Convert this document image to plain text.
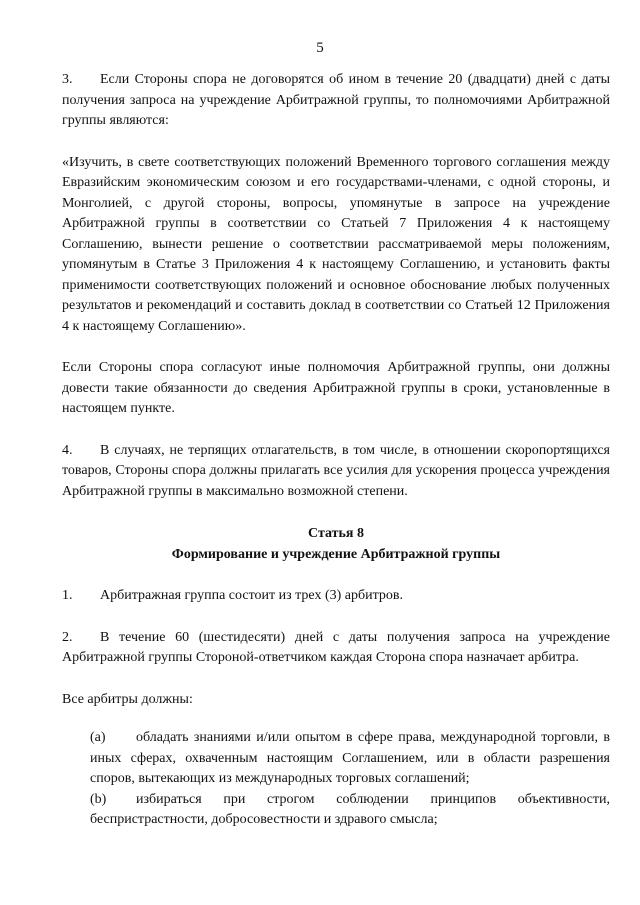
5

3. Если Стороны спора не договорятся об ином в течение 20 (двадцати) дней с даты получения запроса на учреждение Арбитражной группы, то полномочиями Арбитражной группы являются:

«Изучить, в свете соответствующих положений Временного торгового соглашения между Евразийским экономическим союзом и его государствами-членами, с одной стороны, и Монголией, с другой стороны, вопросы, упомянутые в запросе на учреждение Арбитражной группы в соответствии со Статьей 7 Приложения 4 к настоящему Соглашению, вынести решение о соответствии рассматриваемой меры положениям, упомянутым в Статье 3 Приложения 4 к настоящему Соглашению, и установить факты применимости соответствующих положений и основное обоснование любых полученных результатов и рекомендаций и составить доклад в соответствии со Статьей 12 Приложения 4 к настоящему Соглашению».

Если Стороны спора согласуют иные полномочия Арбитражной группы, они должны довести такие обязанности до сведения Арбитражной группы в сроки, установленные в настоящем пункте.

4. В случаях, не терпящих отлагательств, в том числе, в отношении скоропортящихся товаров, Стороны спора должны прилагать все усилия для ускорения процесса учреждения Арбитражной группы в максимально возможной степени.

Статья 8

Формирование и учреждение Арбитражной группы

1. Арбитражная группа состоит из трех (3) арбитров.

2. В течение 60 (шестидесяти) дней с даты получения запроса на учреждение Арбитражной группы Стороной-ответчиком каждая Сторона спора назначает арбитра.

Все арбитры должны:

(а) обладать знаниями и/или опытом в сфере права, международной торговли, в иных сферах, охваченным настоящим Соглашением, или в области разрешения споров, вытекающих из международных торговых соглашений;

(b) избираться при строгом соблюдении принципов объективности, беспристрастности, добросовестности и здравого смысла;
